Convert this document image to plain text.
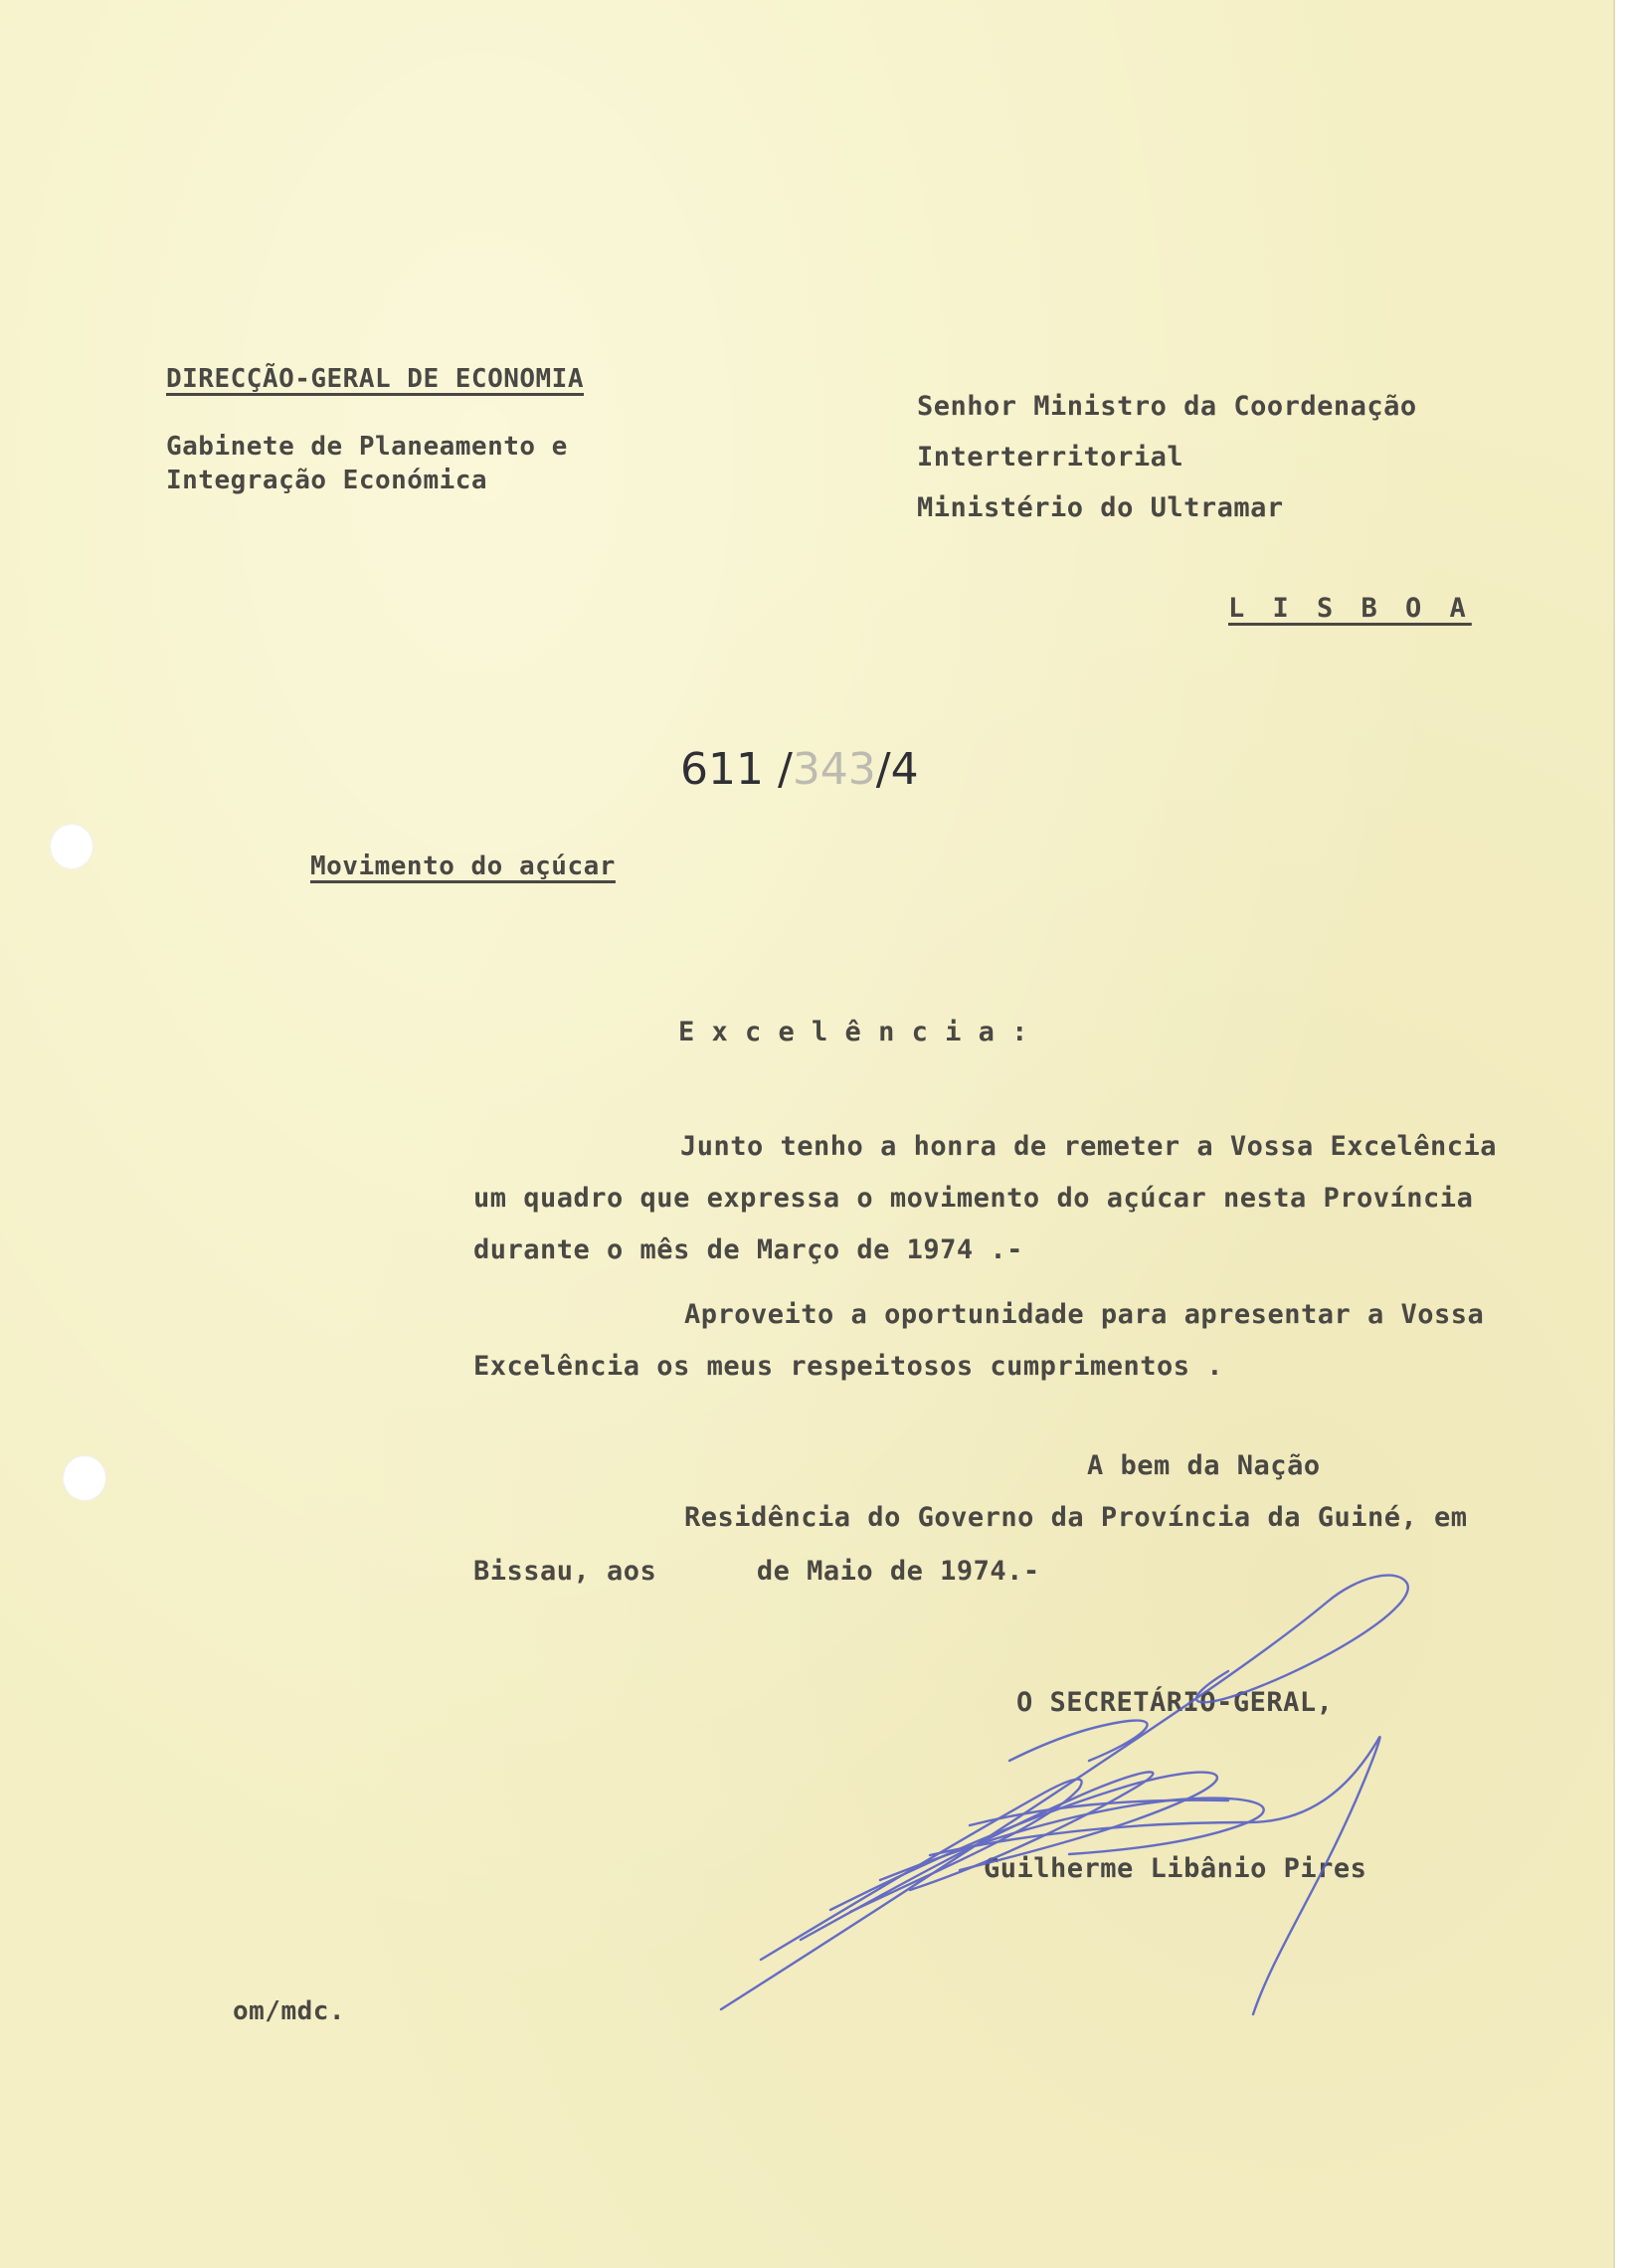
DIRECÇÃO-GERAL DE ECONOMIA

Gabinete de Planeamento e

Integração Económica

Senhor Ministro da Coordenação

Interterritorial

Ministério do Ultramar

L I S B O A

611 /343/4

Movimento do açúcar

E x c e l ê n c i a :

Junto tenho a honra de remeter a Vossa Excelência

um quadro que expressa o movimento do açúcar nesta Província

durante o mês de Março de 1974 .-

Aproveito a oportunidade para apresentar a Vossa

Excelência os meus respeitosos cumprimentos .

A bem da Nação

Residência do Governo da Província da Guiné, em

Bissau, aos      de Maio de 1974.-

O SECRETÁRIO-GERAL,

Guilherme Libânio Pires

om/mdc.
